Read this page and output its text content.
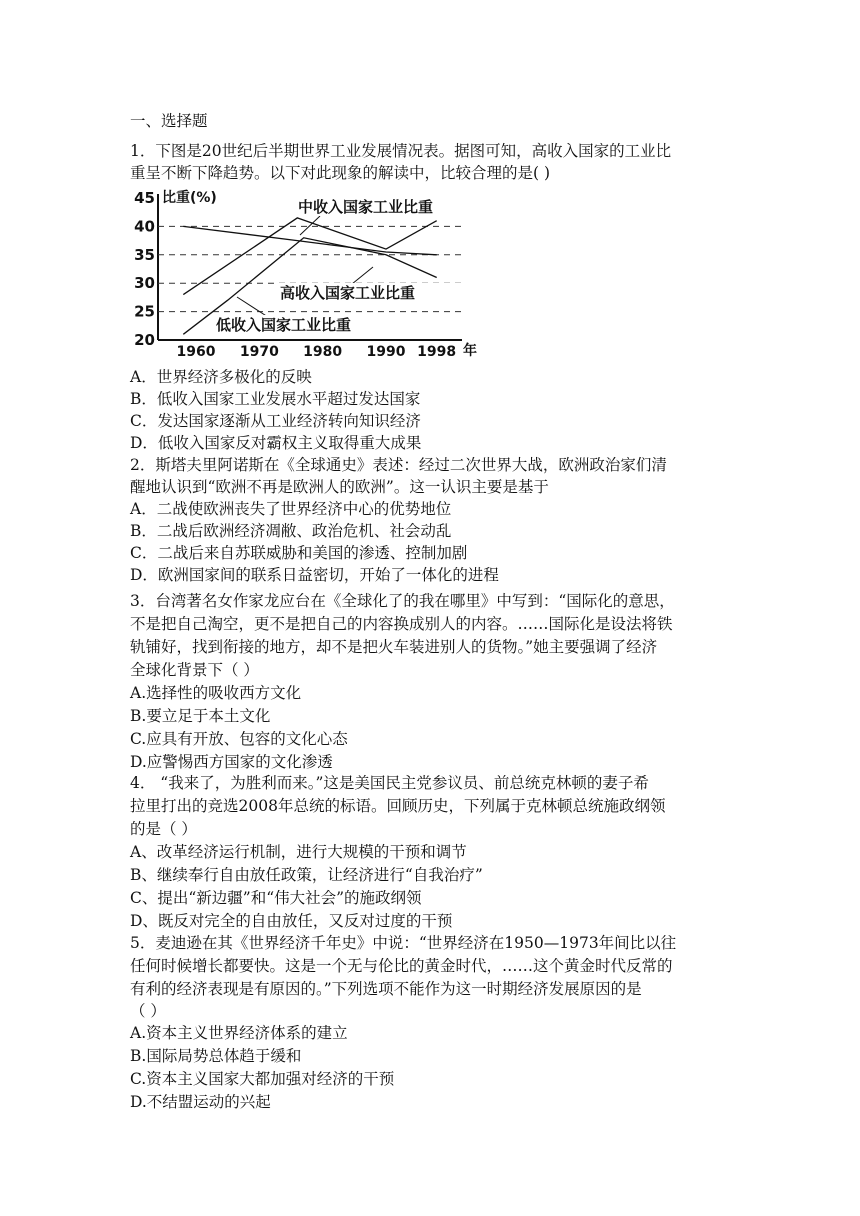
一、选择题
1．下图是20世纪后半期世界工业发展情况表。据图可知，高收入国家的工业比
重呈不断下降趋势。以下对此现象的解读中，比较合理的是( )
20
25
30
35
40
45
1960 1970 1980 1990 1998 年
比重(%)	中收入国家工业比重
高收入国家工业比重
低收入国家工业比重
A．世界经济多极化的反映
B．低收入国家工业发展水平超过发达国家
C．发达国家逐渐从工业经济转向知识经济
D．低收入国家反对霸权主义取得重大成果
2．斯塔夫里阿诺斯在《全球通史》表述：经过二次世界大战，欧洲政治家们清
醒地认识到“欧洲不再是欧洲人的欧洲”。这一认识主要是基于
A．二战使欧洲丧失了世界经济中心的优势地位
B．二战后欧洲经济凋敝、政治危机、社会动乱
C．二战后来自苏联威胁和美国的渗透、控制加剧
D．欧洲国家间的联系日益密切，开始了一体化的进程
3．台湾著名女作家龙应台在《全球化了的我在哪里》中写到：“国际化的意思，
不是把自己淘空，更不是把自己的内容换成别人的内容。……国际化是设法将铁
轨铺好，找到衔接的地方，却不是把火车装进别人的货物。”她主要强调了经济
全球化背景下（ ）
A.选择性的吸收西方文化
B.要立足于本土文化
C.应具有开放、包容的文化心态
D.应警惕西方国家的文化渗透
4． “我来了，为胜利而来。”这是美国民主党参议员、前总统克林顿的妻子希
拉里打出的竞选2008年总统的标语。回顾历史，下列属于克林顿总统施政纲领
的是（ ）
A、改革经济运行机制，进行大规模的干预和调节
B、继续奉行自由放任政策，让经济进行“自我治疗”
C、提出“新边疆”和“伟大社会”的施政纲领
D、既反对完全的自由放任，又反对过度的干预
5．麦迪逊在其《世界经济千年史》中说：“世界经济在1950—1973年间比以往
任何时候增长都要快。这是一个无与伦比的黄金时代，……这个黄金时代反常的
有利的经济表现是有原因的。”下列选项不能作为这一时期经济发展原因的是
（ ）
A.资本主义世界经济体系的建立
B.国际局势总体趋于缓和
C.资本主义国家大都加强对经济的干预
D.不结盟运动的兴起
